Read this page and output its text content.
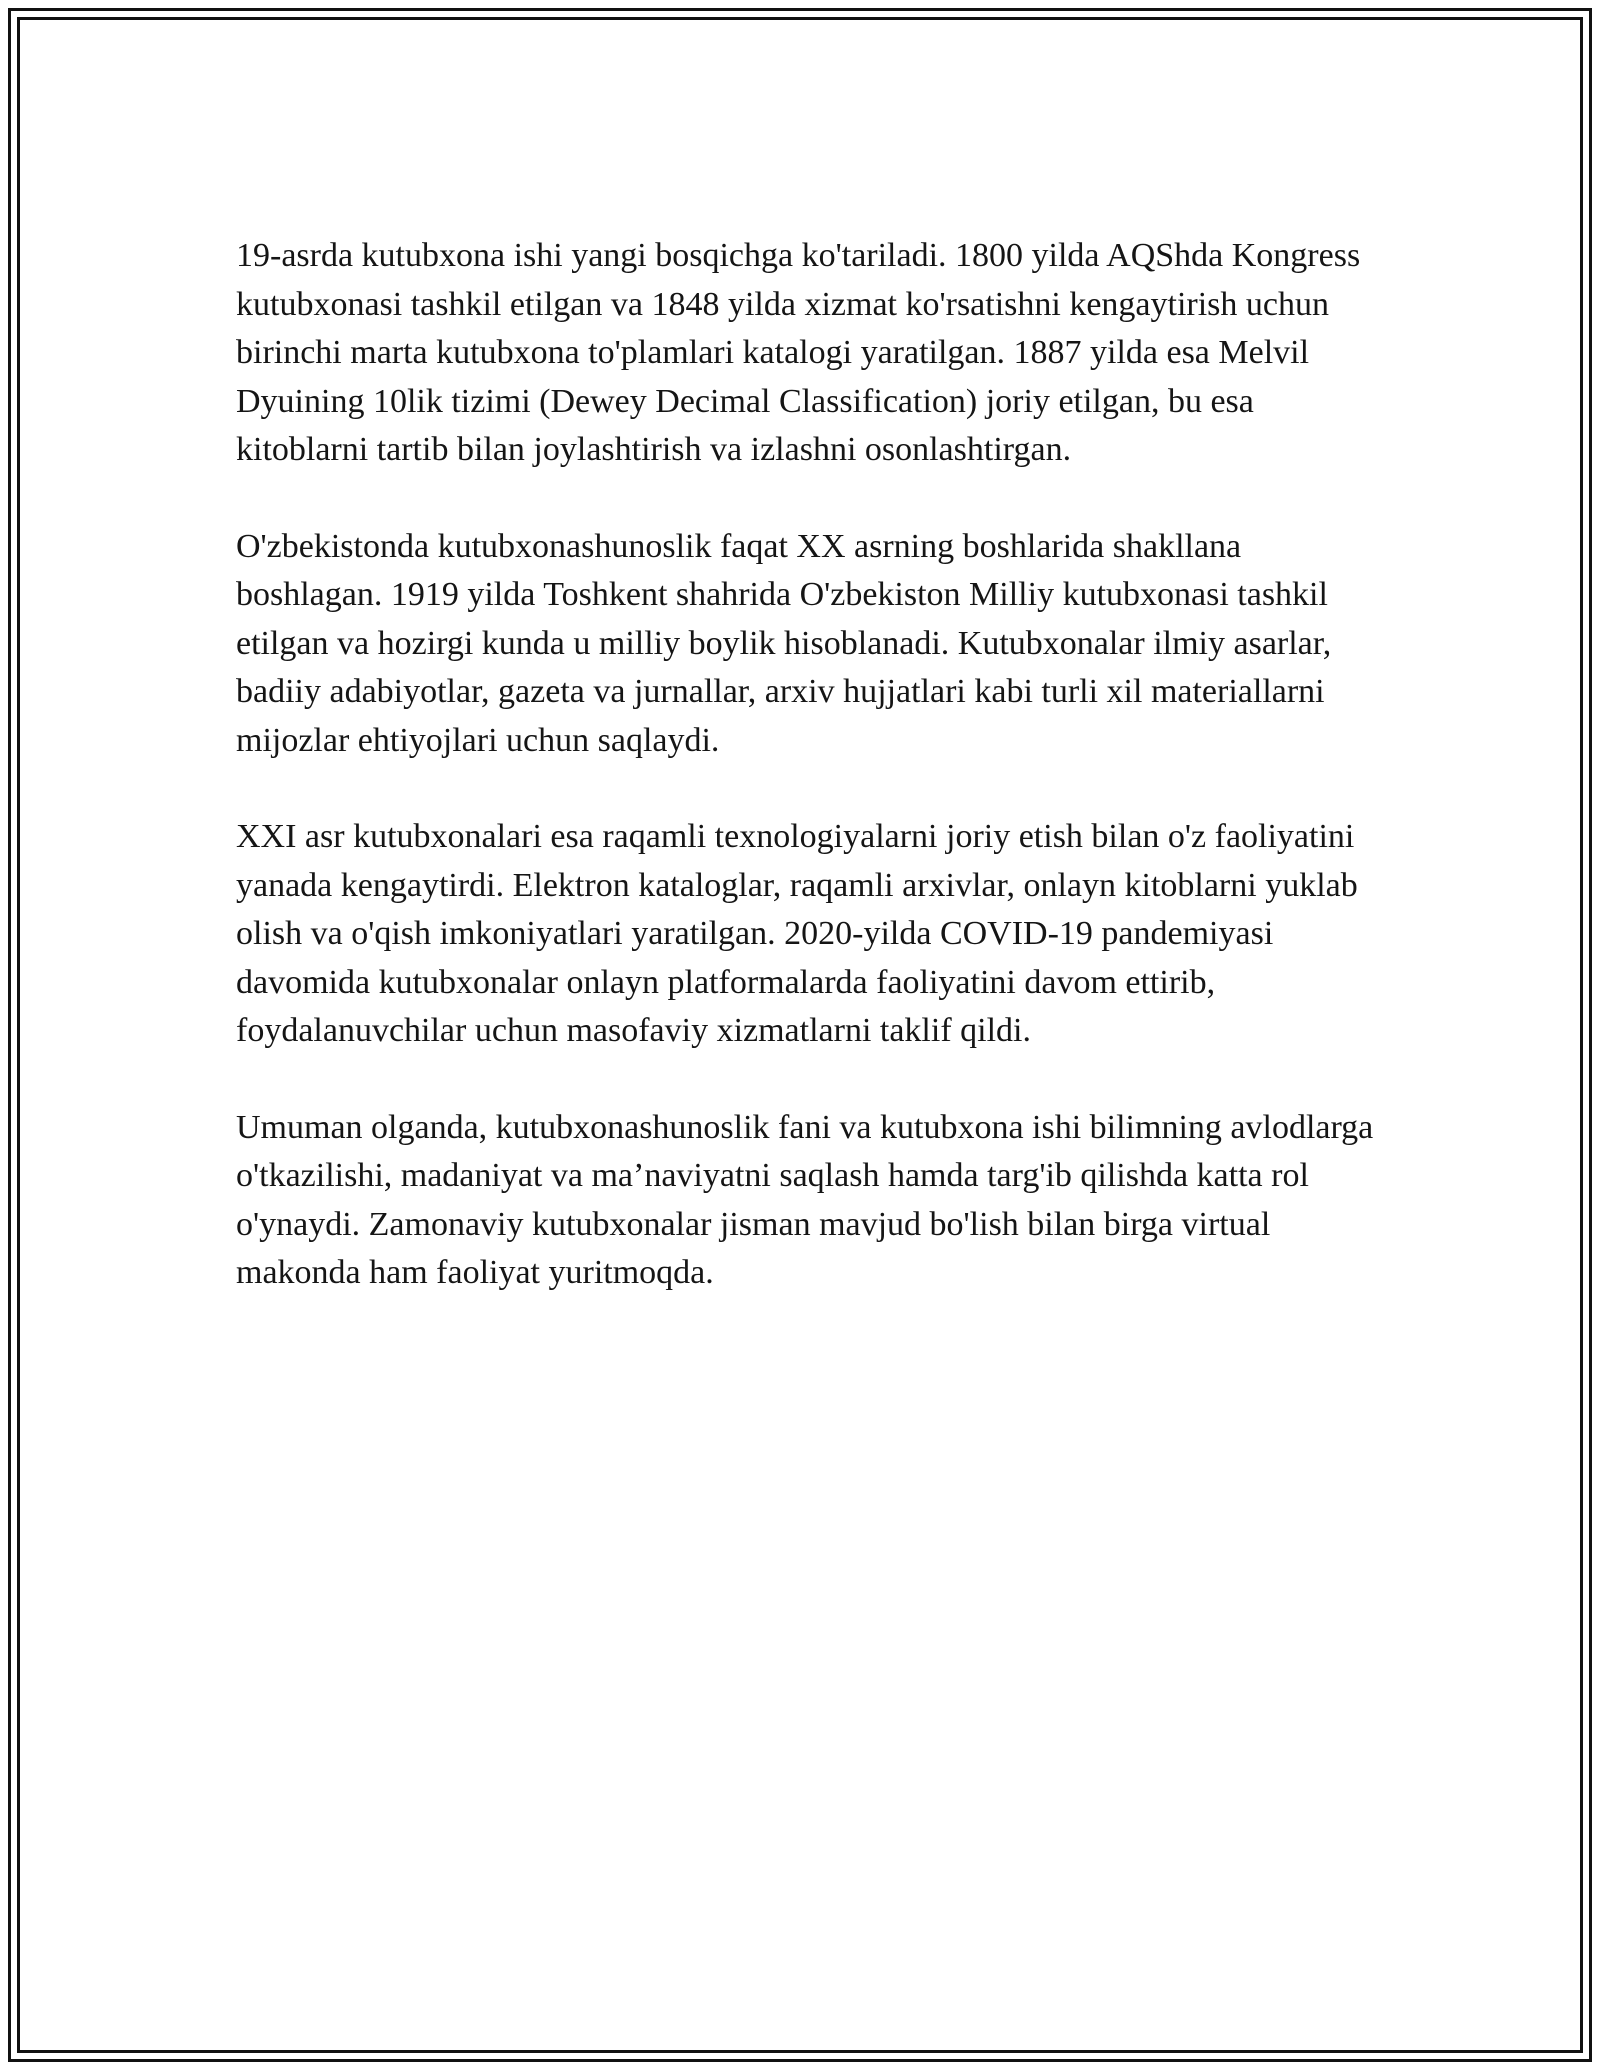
19-asrda kutubxona ishi yangi bosqichga ko'tariladi. 1800 yilda AQShda Kongress kutubxonasi tashkil etilgan va 1848 yilda xizmat ko'rsatishni kengaytirish uchun birinchi marta kutubxona to'plamlari katalogi yaratilgan. 1887 yilda esa Melvil Dyuining 10lik tizimi (Dewey Decimal Classification) joriy etilgan, bu esa kitoblarni tartib bilan joylashtirish va izlashni osonlashtirgan.

O'zbekistonda kutubxonashunoslik faqat XX asrning boshlarida shakllana boshlagan. 1919 yilda Toshkent shahrida O'zbekiston Milliy kutubxonasi tashkil etilgan va hozirgi kunda u milliy boylik hisoblanadi. Kutubxonalar ilmiy asarlar, badiiy adabiyotlar, gazeta va jurnallar, arxiv hujjatlari kabi turli xil materiallarni mijozlar ehtiyojlari uchun saqlaydi.

XXI asr kutubxonalari esa raqamli texnologiyalarni joriy etish bilan o'z faoliyatini yanada kengaytirdi. Elektron kataloglar, raqamli arxivlar, onlayn kitoblarni yuklab olish va o'qish imkoniyatlari yaratilgan. 2020-yilda COVID-19 pandemiyasi davomida kutubxonalar onlayn platformalarda faoliyatini davom ettirib, foydalanuvchilar uchun masofaviy xizmatlarni taklif qildi.

Umuman olganda, kutubxonashunoslik fani va kutubxona ishi bilimning avlodlarga o'tkazilishi, madaniyat va ma’naviyatni saqlash hamda targ'ib qilishda katta rol o'ynaydi. Zamonaviy kutubxonalar jisman mavjud bo'lish bilan birga virtual makonda ham faoliyat yuritmoqda.
